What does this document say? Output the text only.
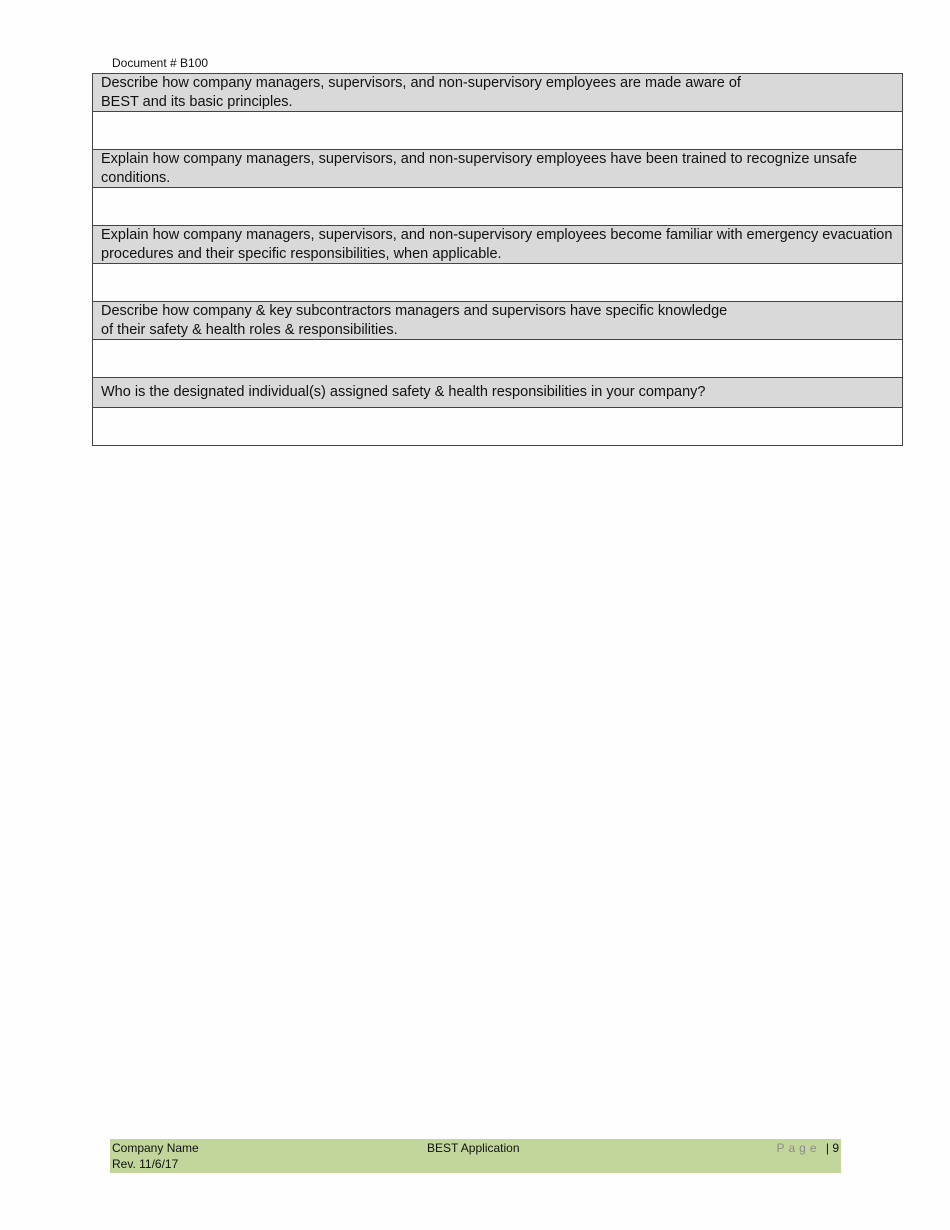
Document # B100
Describe how company managers, supervisors, and non-supervisory employees are made aware of
BEST and its basic principles.

Explain how company managers, supervisors, and non-supervisory employees have been trained to recognize unsafe conditions.

Explain how company managers, supervisors, and non-supervisory employees become familiar with emergency evacuation procedures and their specific responsibilities, when applicable.

Describe how company & key subcontractors managers and supervisors have specific knowledge
of their safety & health roles & responsibilities.

Who is the designated individual(s) assigned safety & health responsibilities in your company?

Company Name
Rev. 11/6/17
BEST Application	Page | 9
